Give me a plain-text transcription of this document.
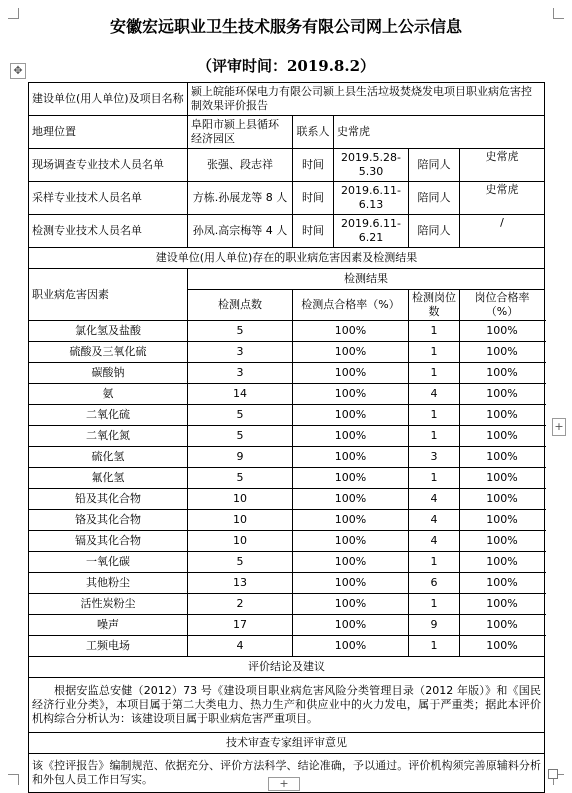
安徽宏远职业卫生技术服务有限公司网上公示信息
（评审时间：2019.8.2）
✥
+
+
建设单位(用人单位)及项目名称	颍上皖能环保电力有限公司颍上县生活垃圾焚烧发电项目职业病危害控制效果评价报告				
地理位置	阜阳市颍上县循环经济园区	联系人	史常虎		
现场调查专业技术人员名单	张强、段志祥	时间	2019.5.28-5.30	陪同人	史常虎
采样专业技术人员名单	方栋.孙展龙等 8 人	时间	2019.6.11-6.13	陪同人	史常虎
检测专业技术人员名单	孙凤.高宗梅等 4 人	时间	2019.6.11-6.21	陪同人	/
建设单位(用人单位)存在的职业病危害因素及检测结果					
职业病危害因素	检测结果				
	检测点数	检测点合格率（%）		检测岗位数	岗位合格率（%）
氯化氢及盐酸	5	100%		1	100%
硫酸及三氧化硫	3	100%		1	100%
碳酸钠	3	100%		1	100%
氨	14	100%		4	100%
二氧化硫	5	100%		1	100%
二氧化氮	5	100%		1	100%
硫化氢	9	100%		3	100%
氟化氢	5	100%		1	100%
铅及其化合物	10	100%		4	100%
铬及其化合物	10	100%		4	100%
镉及其化合物	10	100%		4	100%
一氧化碳	5	100%		1	100%
其他粉尘	13	100%		6	100%
活性炭粉尘	2	100%		1	100%
噪声	17	100%		9	100%
工频电场	4	100%		1	100%
评价结论及建议					
根据安监总安健（2012）73 号《建设项目职业病危害风险分类管理目录（2012 年版）》和《国民经济行业分类》，本项目属于第二大类电力、热力生产和供应业中的火力发电，属于严重类；据此本评价机构综合分析认为：该建设项目属于职业病危害严重项目。					
技术审查专家组评审意见					
该《控评报告》编制规范、依据充分、评价方法科学、结论准确，予以通过。评价机构须完善原辅料分析和外包人员工作日写实。					
